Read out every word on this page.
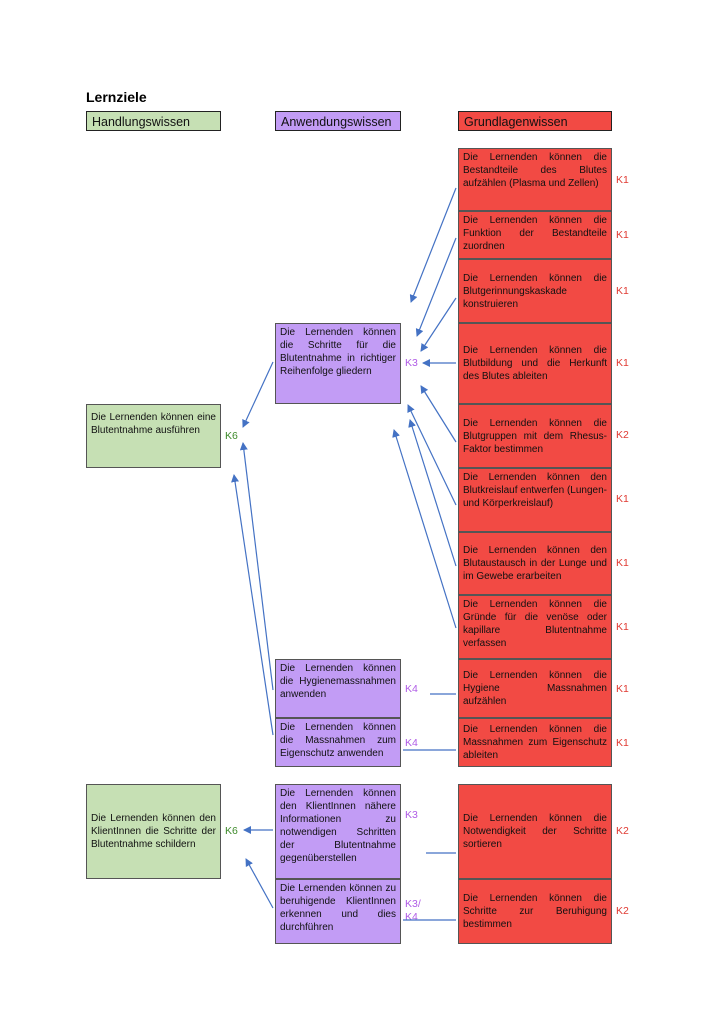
Lernziele
Handlungswissen	Anwendungswissen	Grundlagenwissen
Die Lernenden können die Bestandteile des Blutes aufzählen (Plasma und Zellen)
Die Lernenden können die Funktion der Bestandteile zuordnen
Die Lernenden können die Blutgerinnungskaskade konstruieren
Die Lernenden können die Blutbildung und die Herkunft des Blutes ableiten
Die Lernenden können die Blutgruppen mit dem Rhesus-Faktor bestimmen
Die Lernenden können den Blutkreislauf entwerfen (Lungen- und Körperkreislauf)
Die Lernenden können den Blutaustausch in der Lunge und im Gewebe erarbeiten
Die Lernenden können die Gründe für die venöse oder kapillare Blutentnahme verfassen
Die Lernenden können die Hygiene Massnahmen aufzählen
Die Lernenden können die Massnahmen zum Eigenschutz ableiten
Die Lernenden können die Notwendigkeit der Schritte sortieren
Die Lernenden können die Schritte zur Beruhigung bestimmen
K1
K1
K1
K1
K2
K1
K1
K1
K1
K1
K2
K2
Die Lernenden können die Schritte für die Blutentnahme in richtiger Reihenfolge gliedern
Die Lernenden können die Hygienemassnahmen anwenden
Die Lernenden können die Massnahmen zum Eigenschutz anwenden
Die Lernenden können den KlientInnen nähere Informationen zu notwendigen Schritten der Blutentnahme gegenüberstellen
Die Lernenden können zu beruhigende KlientInnen erkennen und dies durchführen
K3
K4
K4
K3
K3/
K4
Die Lernenden können eine Blutentnahme ausführen
Die Lernenden können den KlientInnen die Schritte der Blutentnahme schildern
K6
K6
